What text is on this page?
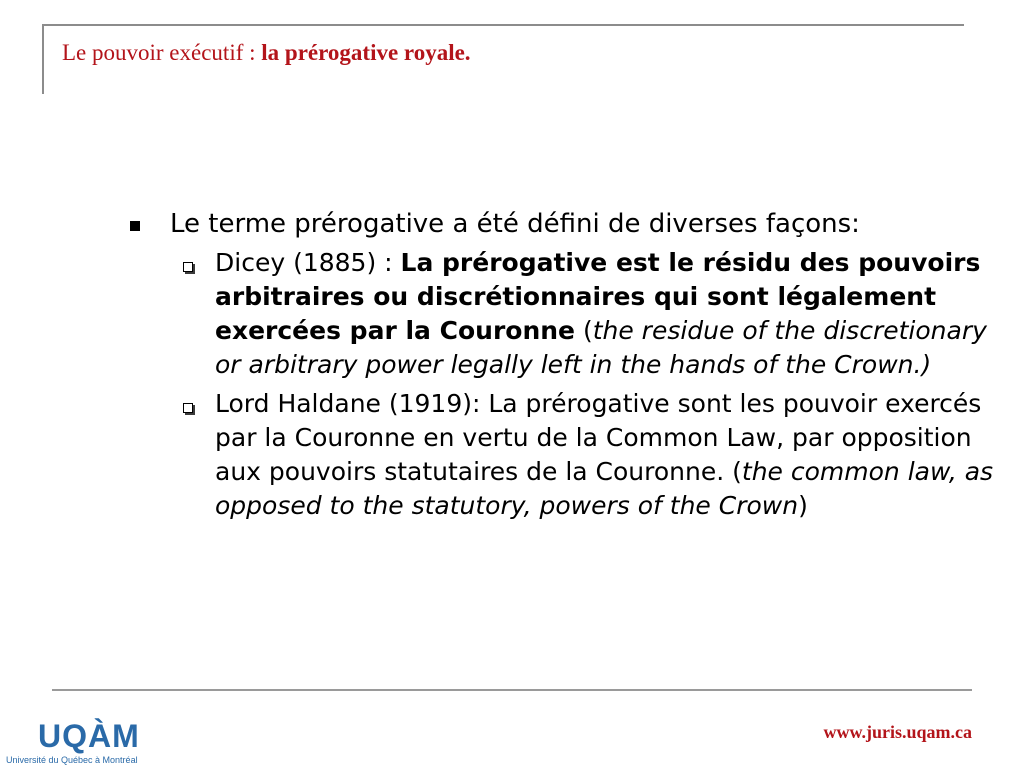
Le pouvoir exécutif : la prérogative royale.

Le terme prérogative a été défini de diverses façons:

Dicey (1885) : La prérogative est le résidu des pouvoirs arbitraires ou discrétionnaires qui sont légalement exercées par la Couronne (the residue of the discretionary or arbitrary power legally left in the hands of the Crown.)
Lord Haldane (1919): La prérogative sont les pouvoir exercés par la Couronne en vertu de la Common Law, par opposition aux pouvoirs statutaires de la Couronne. (the common law, as opposed to the statutory, powers of the Crown)
UQÀM
Université du Québec à Montréal
www.juris.uqam.ca
